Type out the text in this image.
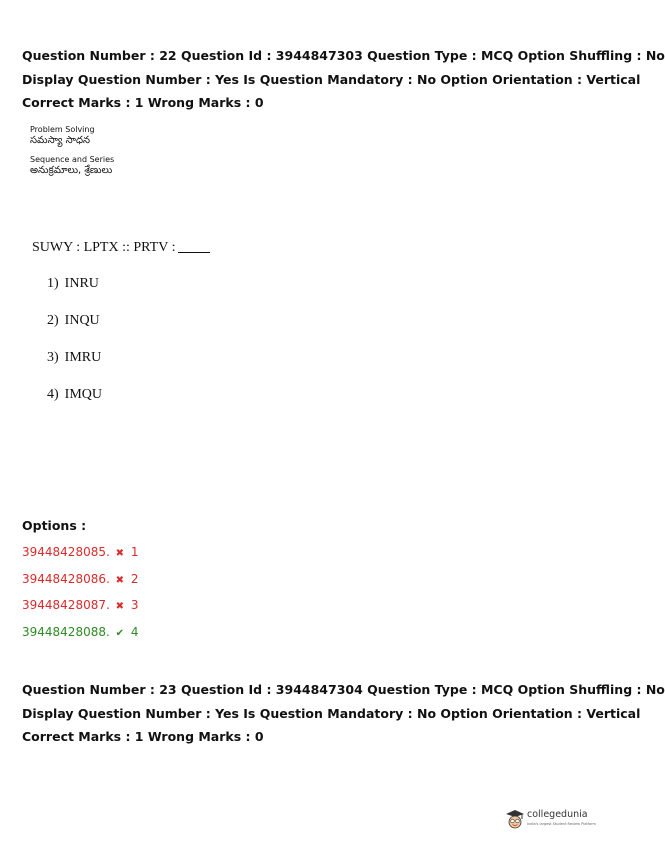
Question Number : 22 Question Id : 3944847303 Question Type : MCQ Option Shuffling : No

Display Question Number : Yes Is Question Mandatory : No Option Orientation : Vertical

Correct Marks : 1 Wrong Marks : 0

Problem Solving

సమస్యా సాధన

Sequence and Series

అనుక్రమాలు, శ్రేణులు

SUWY : LPTX :: PRTV :
1) INRU
2) INQU
3) IMRU
4) IMQU
Options :
39448428085. ✖ 1
39448428086. ✖ 2
39448428087. ✖ 3
39448428088. ✔ 4

Question Number : 23 Question Id : 3944847304 Question Type : MCQ Option Shuffling : No

Display Question Number : Yes Is Question Mandatory : No Option Orientation : Vertical

Correct Marks : 1 Wrong Marks : 0

collegedunia
India's largest Student Review Platform
